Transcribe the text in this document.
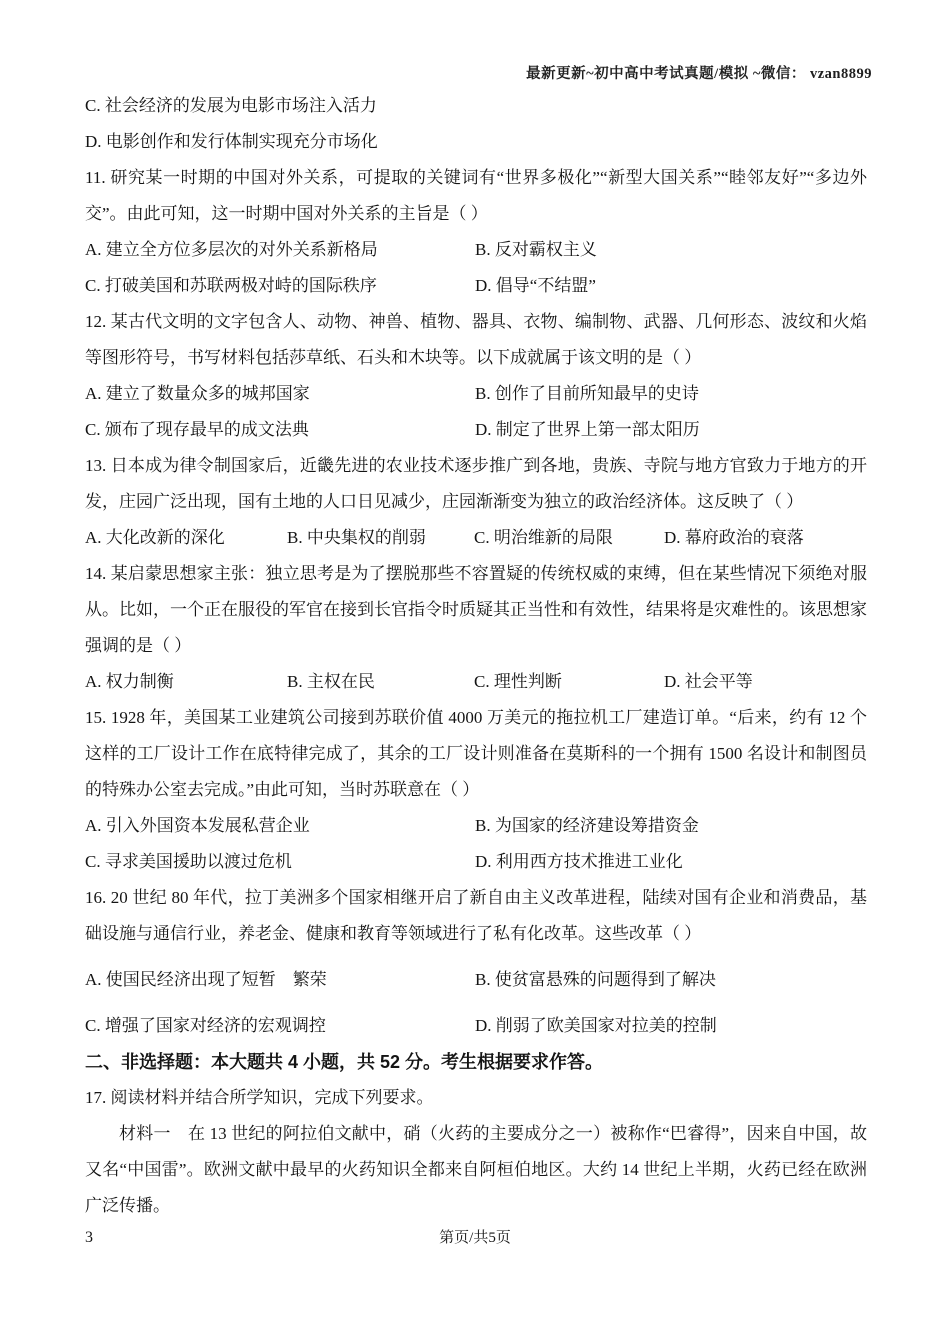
最新更新~初中高中考试真题/模拟 ~微信： vzan8899

C. 社会经济的发展为电影市场注入活力

D. 电影创作和发行体制实现充分市场化

11. 研究某一时期的中国对外关系，可提取的关键词有“世界多极化”“新型大国关系”“睦邻友好”“多边外交”。由此可知，这一时期中国对外关系的主旨是（ ）

A. 建立全方位多层次的对外关系新格局	B. 反对霸权主义
C. 打破美国和苏联两极对峙的国际秩序	D. 倡导“不结盟”

12. 某古代文明的文字包含人、动物、神兽、植物、器具、衣物、编制物、武器、几何形态、波纹和火焰等图形符号，书写材料包括莎草纸、石头和木块等。以下成就属于该文明的是（ ）

A. 建立了数量众多的城邦国家	B. 创作了目前所知最早的史诗
C. 颁布了现存最早的成文法典	D. 制定了世界上第一部太阳历

13. 日本成为律令制国家后，近畿先进的农业技术逐步推广到各地，贵族、寺院与地方官致力于地方的开发，庄园广泛出现，国有土地的人口日见减少，庄园渐渐变为独立的政治经济体。这反映了（ ）

A. 大化改新的深化	B. 中央集权的削弱	C. 明治维新的局限	D. 幕府政治的衰落

14. 某启蒙思想家主张：独立思考是为了摆脱那些不容置疑的传统权威的束缚，但在某些情况下须绝对服从。比如，一个正在服役的军官在接到长官指令时质疑其正当性和有效性，结果将是灾难性的。该思想家强调的是（ ）

A. 权力制衡	B. 主权在民	C. 理性判断	D. 社会平等

15. 1928 年，美国某工业建筑公司接到苏联价值 4000 万美元的拖拉机工厂建造订单。“后来，约有 12 个这样的工厂设计工作在底特律完成了，其余的工厂设计则准备在莫斯科的一个拥有 1500 名设计和制图员的特殊办公室去完成。”由此可知，当时苏联意在（ ）

A. 引入外国资本发展私营企业	B. 为国家的经济建设筹措资金
C. 寻求美国援助以渡过危机	D. 利用西方技术推进工业化

16. 20 世纪 80 年代，拉丁美洲多个国家相继开启了新自由主义改革进程，陆续对国有企业和消费品，基础设施与通信行业，养老金、健康和教育等领域进行了私有化改革。这些改革（ ）

A. 使国民经济出现了短暂　繁荣	B. 使贫富悬殊的问题得到了解决
C. 增强了国家对经济的宏观调控	D. 削弱了欧美国家对拉美的控制

二、非选择题：本大题共 4 小题，共 52 分。考生根据要求作答。

17. 阅读材料并结合所学知识，完成下列要求。

材料一　在 13 世纪的阿拉伯文献中，硝（火药的主要成分之一）被称作“巴睿得”，因来自中国，故又名“中国雷”。欧洲文献中最早的火药知识全都来自阿桓伯地区。大约 14 世纪上半期，火药已经在欧洲广泛传播。

3	第页/共5页
